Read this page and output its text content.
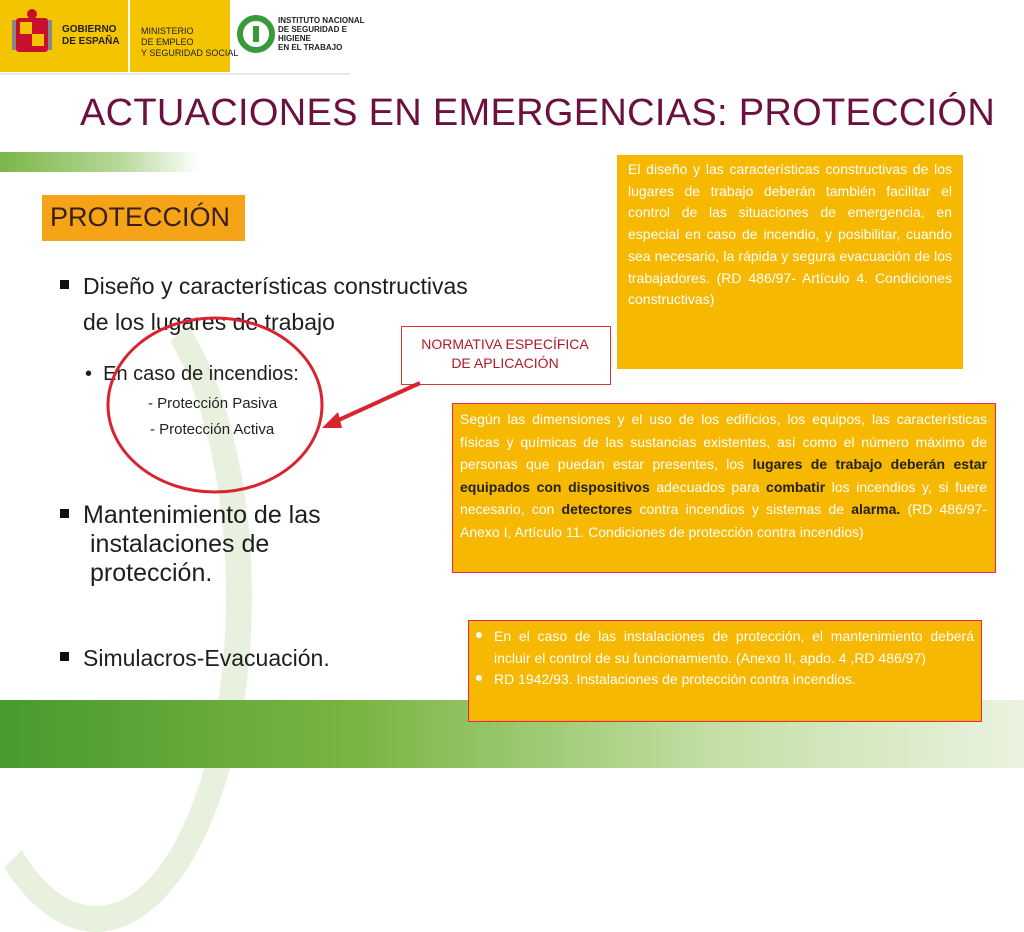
GOBIERNO
DE ESPAÑA
MINISTERIO
DE EMPLEO
Y SEGURIDAD SOCIAL
INSTITUTO NACIONAL
DE SEGURIDAD E HIGIENE
EN EL TRABAJO
ACTUACIONES EN EMERGENCIAS: PROTECCIÓN
PROTECCIÓN
Diseño y características constructivas
de los lugares de trabajo
• En caso de incendios:
- Protección Pasiva
- Protección Activa
Mantenimiento de las
instalaciones de
protección.
Simulacros-Evacuación.
NORMATIVA ESPECÍFICA
DE APLICACIÓN
El diseño y las características constructivas de los lugares de trabajo deberán también facilitar el control de las situaciones de emergencia, en especial en caso de incendio, y posibilitar, cuando sea necesario, la rápida y segura evacuación de los trabajadores. (RD 486/97- Artículo 4. Condiciones constructivas)
Según las dimensiones y el uso de los edificios, los equipos, las características físicas y químicas de las sustancias existentes, así como el número máximo de personas que puedan estar presentes, los lugares de trabajo deberán estar equipados con dispositivos adecuados para combatir los incendios y, si fuere necesario, con detectores contra incendios y sistemas de alarma. (RD 486/97- Anexo I, Artículo 11. Condiciones de protección contra incendios)
En el caso de las instalaciones de protección, el mantenimiento deberá incluir el control de su funcionamiento. (Anexo II, apdo. 4 ,RD 486/97)
RD 1942/93. Instalaciones de protección contra incendios.
